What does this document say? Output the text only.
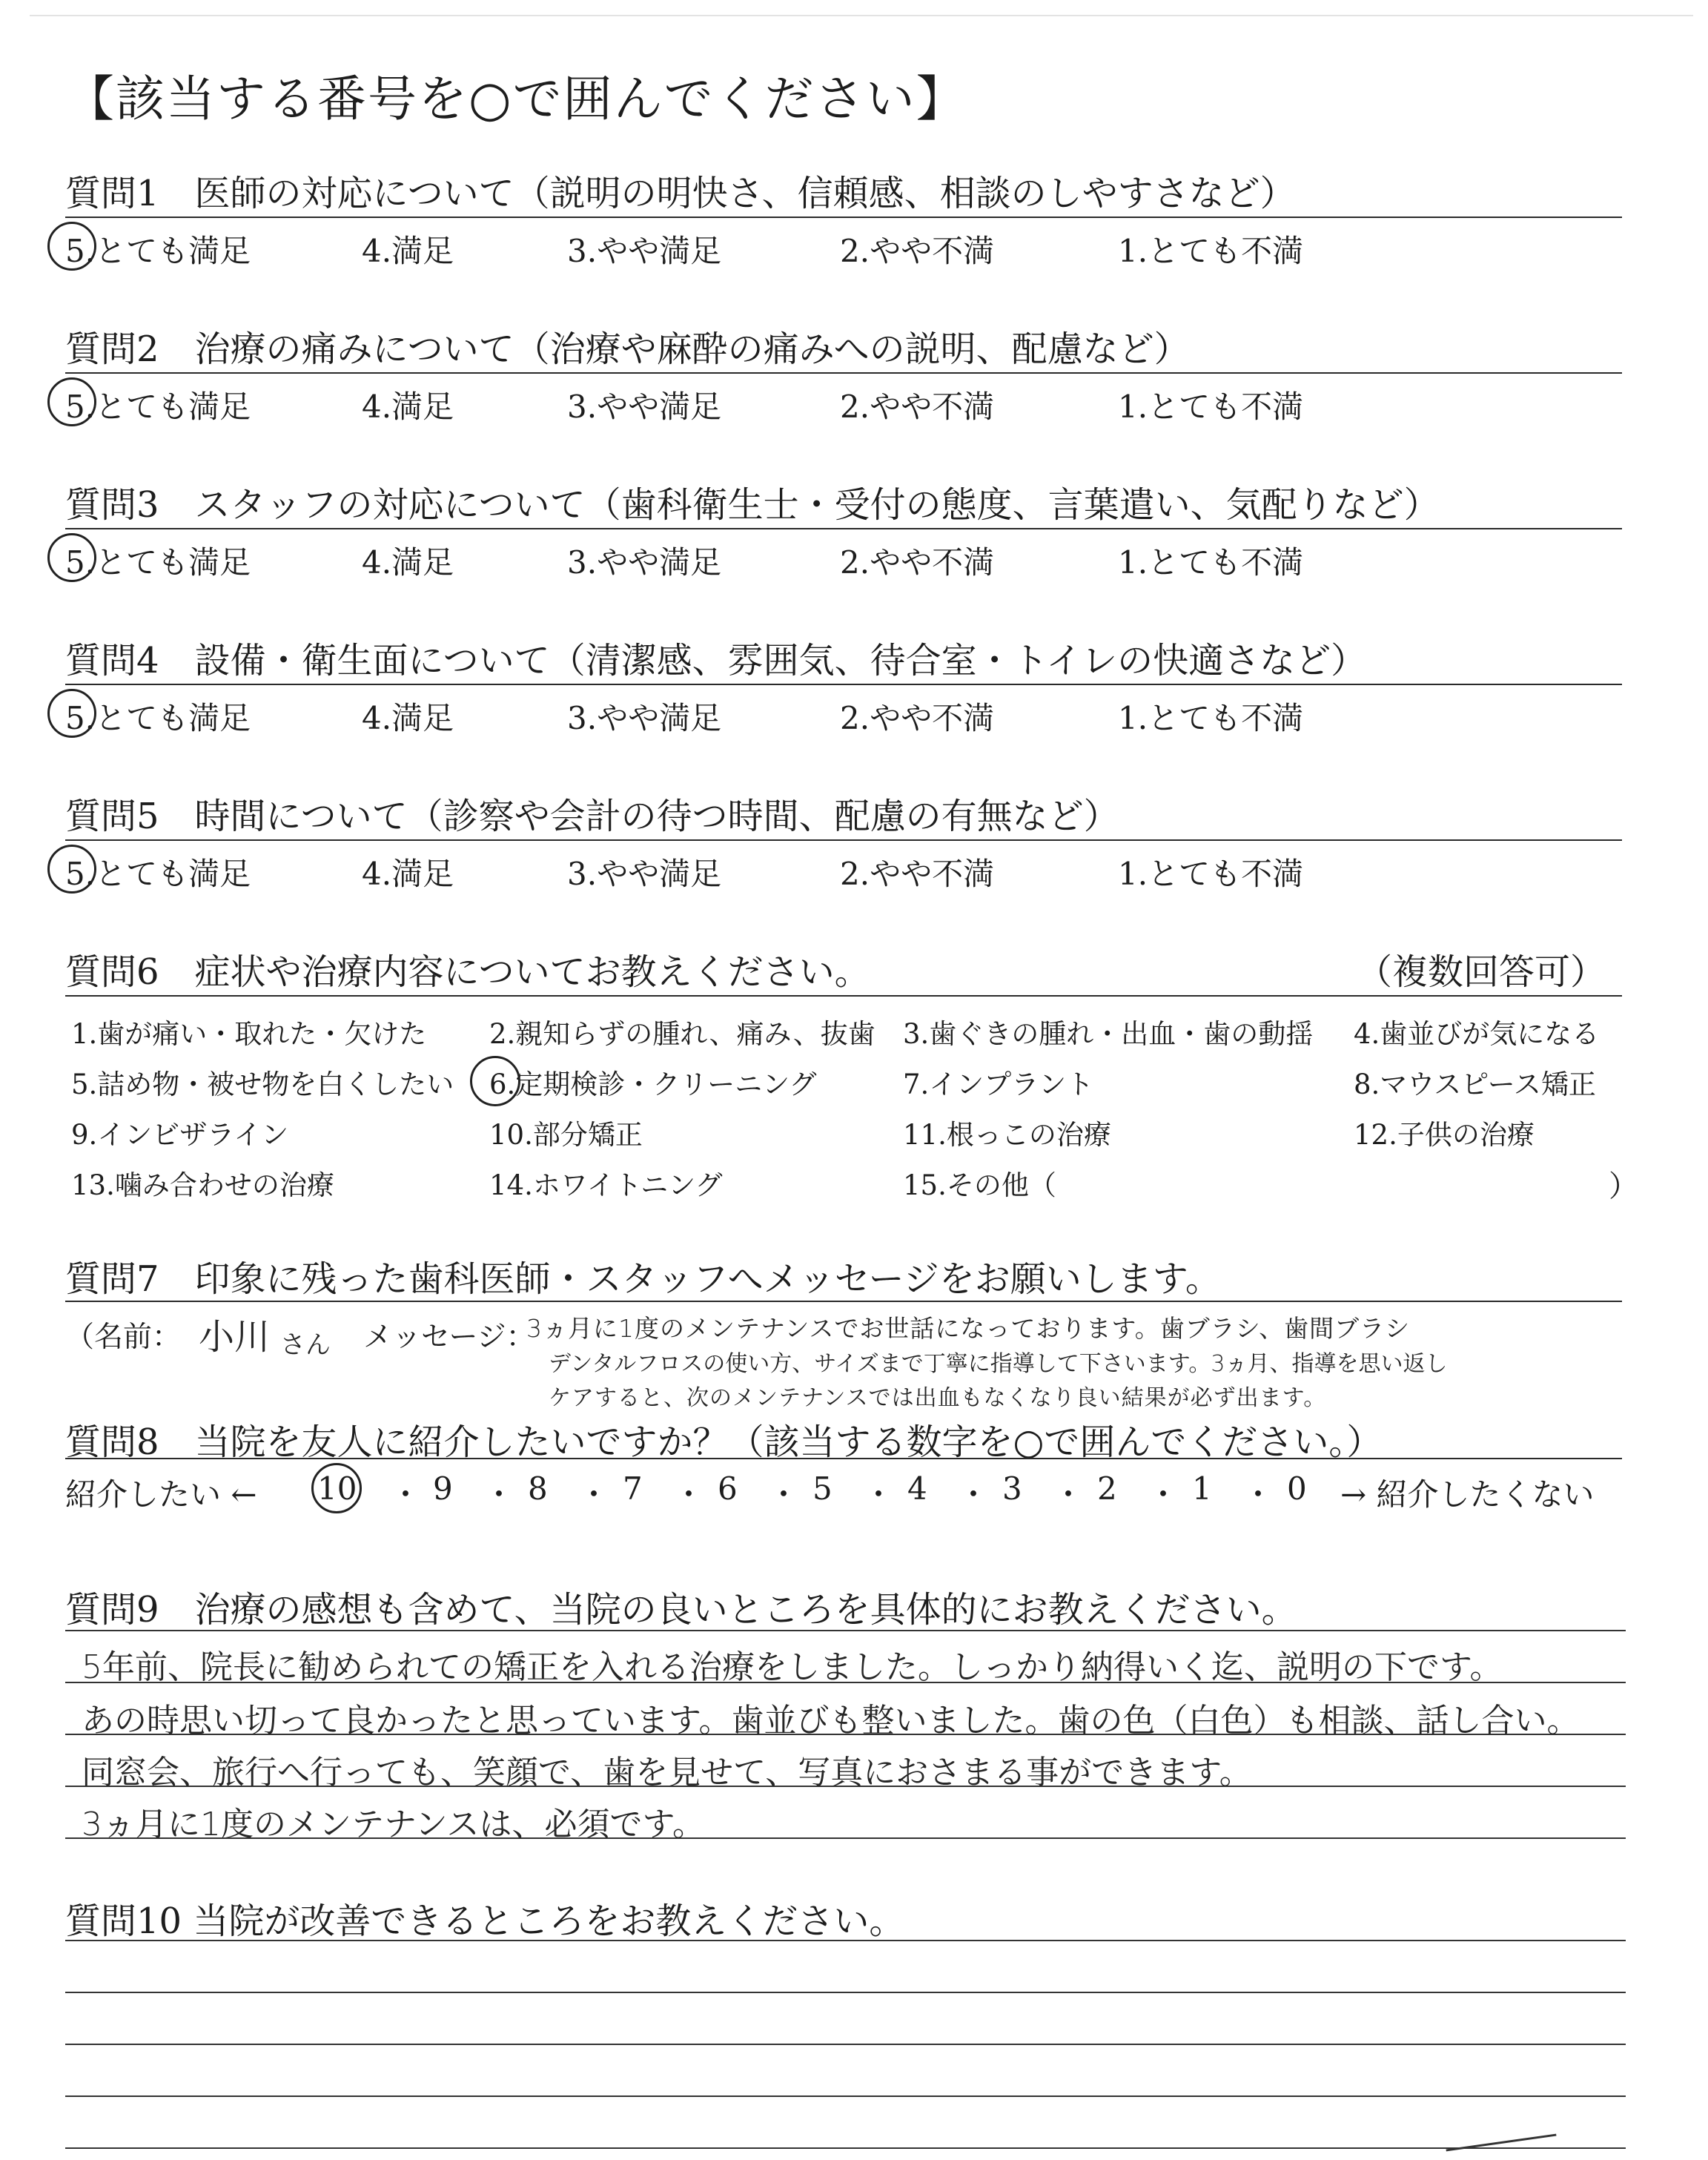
【該当する番号を○で囲んでください】
質問1　医師の対応について（説明の明快さ、信頼感、相談のしやすさなど）
5.とても満足	4.満足	3.やや満足	2.やや不満	1.とても不満
質問2　治療の痛みについて（治療や麻酔の痛みへの説明、配慮など）
5.とても満足	4.満足	3.やや満足	2.やや不満	1.とても不満
質問3　スタッフの対応について（歯科衛生士・受付の態度、言葉遣い、気配りなど）
5.とても満足	4.満足	3.やや満足	2.やや不満	1.とても不満
質問4　設備・衛生面について（清潔感、雰囲気、待合室・トイレの快適さなど）
5.とても満足	4.満足	3.やや満足	2.やや不満	1.とても不満
質問5　時間について（診察や会計の待つ時間、配慮の有無など）
5.とても満足	4.満足	3.やや満足	2.やや不満	1.とても不満
質問6　症状や治療内容についてお教えください。	（複数回答可）
1.歯が痛い・取れた・欠けた 2.親知らずの腫れ、痛み、抜歯 3.歯ぐきの腫れ・出血・歯の動揺 4.歯並びが気になる
5.詰め物・被せ物を白くしたい 6.定期検診・クリーニング	7.インプラント	8.マウスピース矯正
9.インビザライン	10.部分矯正	11.根っこの治療	12.子供の治療
13.噛み合わせの治療	14.ホワイトニング	15.その他（	）
質問7　印象に残った歯科医師・スタッフへメッセージをお願いします。
（名前： 小川 さん メッセージ：
3ヵ月に1度のメンテナンスでお世話になっております。歯ブラシ、歯間ブラシ
デンタルフロスの使い方、サイズまで丁寧に指導して下さいます。3ヵ月、指導を思い返し
ケアすると、次のメンテナンスでは出血もなくなり良い結果が必ず出ます。
質問8　当院を友人に紹介したいですか？（該当する数字を○で囲んでください。）
紹介したい ← 10 ・ 9 ・ 8 ・ 7 ・ 6 ・ 5 ・ 4 ・ 3 ・ 2 ・ 1 ・ 0 → 紹介したくない
質問9　治療の感想も含めて、当院の良いところを具体的にお教えください。
5年前、院長に勧められての矯正を入れる治療をしました。しっかり納得いく迄、説明の下です。
あの時思い切って良かったと思っています。歯並びも整いました。歯の色（白色）も相談、話し合い。
同窓会、旅行へ行っても、笑顔で、歯を見せて、写真におさまる事ができます。
3ヵ月に1度のメンテナンスは、必須です。
質問10 当院が改善できるところをお教えください。
